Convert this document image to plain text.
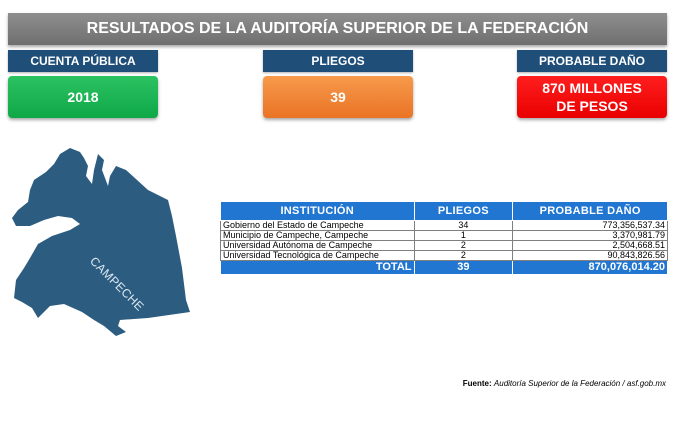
RESULTADOS DE LA AUDITORÍA SUPERIOR DE LA FEDERACIÓN
CUENTA PÚBLICA
2018
PLIEGOS
39
PROBABLE DAÑO
870 MILLONES DE PESOS
CAMPECHE
INSTITUCIÓN	PLIEGOS	PROBABLE DAÑO
Gobierno del Estado de Campeche	34	773,356,537.34
Municipio de Campeche, Campeche	1	3,370,981.79
Universidad Autónoma de Campeche	2	2,504,668.51
Universidad Tecnológica de Campeche	2	90,843,826.56
TOTAL	39	870,076,014.20
Fuente: Auditoría Superior de la Federación / asf.gob.mx
